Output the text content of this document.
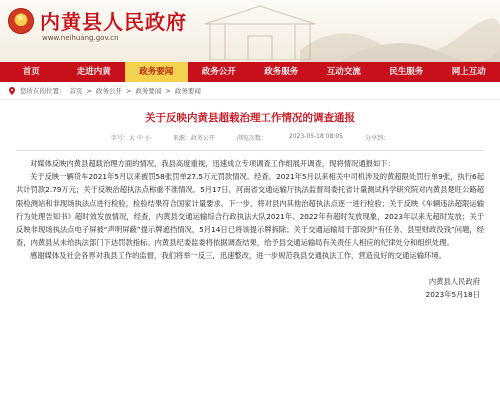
★
内黄县人民政府
www.neihuang.gov.cn
首页	走进内黄	政务要闻	政务公开	政务服务	互动交流	民生服务	网上互动
您所在的位置： 首页 > 政务公开 > 政务要闻 > 政务要闻
关于反映内黄县超载治理工作情况的调查通报
字号：大 中 小	来源：政务公开	浏览次数：	2023-05-18 08:05	分享到：

对媒体反映内黄县超载治理方面的情况，我县高度重视，迅速成立专项调查工作组展开调查，现将情况通报如下：

关于反映一辆货车2021年5月以来被罚58张罚单27.5万元罚款情况。经查，2021年5月以来相关中司机涉及的黄超限处罚行单9张，执行6起共计罚款2.79万元；关于反映治超执法点称重不准情况。5月17日，河南省交通运输厅执法监督局委托省计量测试科学研究院对内黄县楚旺公路超限检测站和非现场执法点进行检验，检验结果符合国家计量要求。下一步，将对县内其他治超执法点逐一进行检验；关于反映《车辆违法超限运输行为处理告知书》超时效发放情况，经查，内黄县交通运输综合行政执法大队2021年、2022年有超时发放现象，2023年以来无超时发放；关于反映非现场执法点电子屏被“声明屏蔽”提示牌遮挡情况，5月14日已将该提示牌拆除；关于交通运输局干部说到“有任务、县里财政没钱”问题，经查，内黄县从未给执法部门下达罚款指标。内黄县纪委监委将依据调查结果，给予县交通运输局有关责任人相应的纪律处分和组织处理。

感谢媒体及社会各界对我县工作的监督，我们将举一反三，迅速整改，进一步规范我县交通执法工作，营造良好的交通运输环境。

内黄县人民政府
2023年5月18日
